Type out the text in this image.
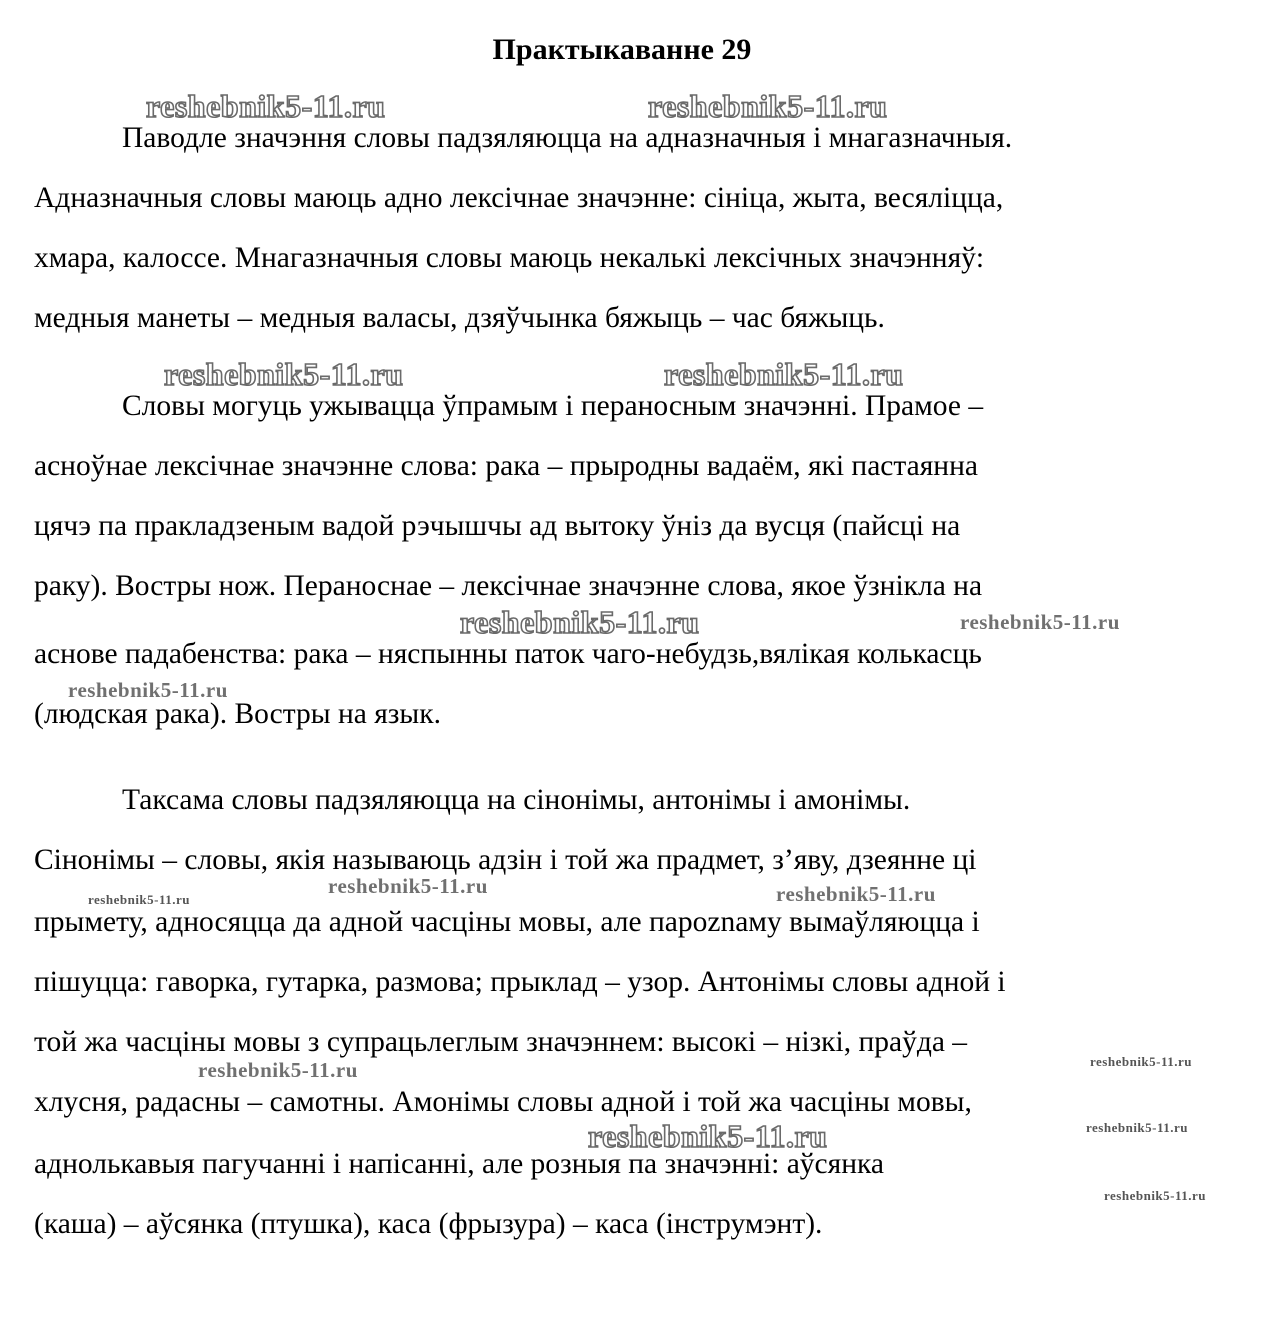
Практыкаванне 29
Паводле значэння словы падзяляюцца на адназначныя і мнагазначныя.
Адназначныя словы маюць адно лексічнае значэнне: сініца, жыта, весяліцца,
хмара, калоссе. Мнагазначныя словы маюць некалькі лексічных значэнняў:
медныя манеты – медныя валасы, дзяўчынка бяжыць – час бяжыць.
Словы могуць ужывацца ўпрамым і пераносным значэнні. Прамое –
асноўнае лексічнае значэнне слова: рака – прыродны вадаём, які пастаянна
цячэ па пракладзеным вадой рэчышчы ад вытоку ўніз да вусця (пайсці на
раку). Востры нож. Пераноснае – лексічнае значэнне слова, якое ўзнікла на
аснове падабенства: рака – няспынны паток чаго-небудзь,вялікая колькасць
(людская рака). Востры на язык.
Таксама словы падзяляюцца на сінонімы, антонімы і амонімы.
Сінонімы – словы, якія называюць адзін і той жа прадмет, з’яву, дзеянне ці
прымету, адносяцца да адной часціны мовы, але пароznаму вымаўляюцца і
пішуцца: гаворка, гутарка, размова; прыклад – узор. Антонімы словы адной і
той жа часціны мовы з супрацьлеглым значэннем: высокі – нізкі, праўда –
хлусня, радасны – самотны. Амонімы словы адной і той жа часціны мовы,
аднолькавыя пагучанні і напісанні, але розныя па значэнні: аўсянка
(каша) – аўсянка (птушка), каса (фрызура) – каса (інструмэнт).
reshebnik5-11.ru	reshebnik5-11.ru
reshebnik5-11.ru	reshebnik5-11.ru
reshebnik5-11.ru	reshebnik5-11.ru
reshebnik5-11.ru
reshebnik5-11.ru
reshebnik5-11.ru	reshebnik5-11.ru
reshebnik5-11.ru
reshebnik5-11.ru
reshebnik5-11.ru	reshebnik5-11.ru
reshebnik5-11.ru
